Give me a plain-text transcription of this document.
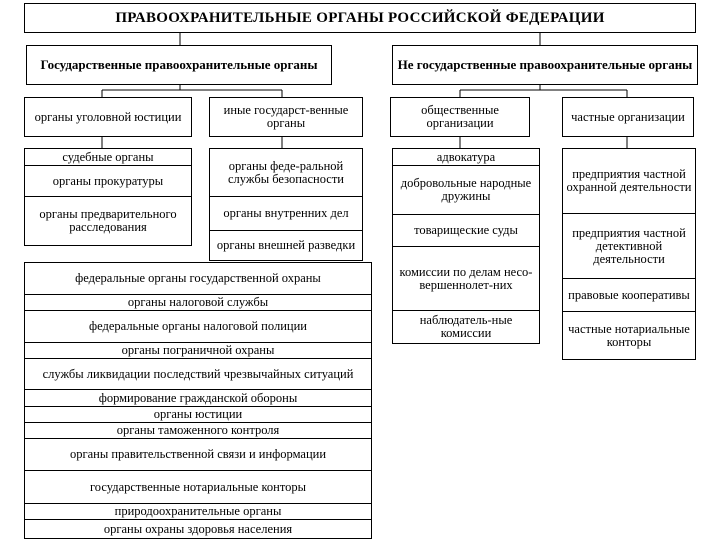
ПРАВООХРАНИТЕЛЬНЫЕ ОРГАНЫ РОССИЙСКОЙ ФЕДЕРАЦИИ
Государственные правоохранительные органы	Не государственные правоохранительные органы
органы уголовной юстиции	иные государст-венные органы
общественные организации	частные организации
судебные органы
органы прокуратуры
органы предварительного расследования
органы феде-ральной службы безопасности
органы внутренних дел
органы внешней разведки
федеральные органы государственной охраны
органы налоговой службы
федеральные органы налоговой полиции
органы пограничной охраны
службы ликвидации последствий чрезвычайных ситуаций
формирование гражданской обороны
органы юстиции
органы таможенного контроля
органы правительственной связи и информации
государственные нотариальные конторы
природоохранительные органы
органы охраны здоровья населения
адвокатура
добровольные народные дружины
товарищеские суды
комиссии по делам несо-вершеннолет-них
наблюдатель-ные комиссии
предприятия частной охранной деятельности
предприятия частной детективной деятельности
правовые кооперативы
частные нотариальные конторы
